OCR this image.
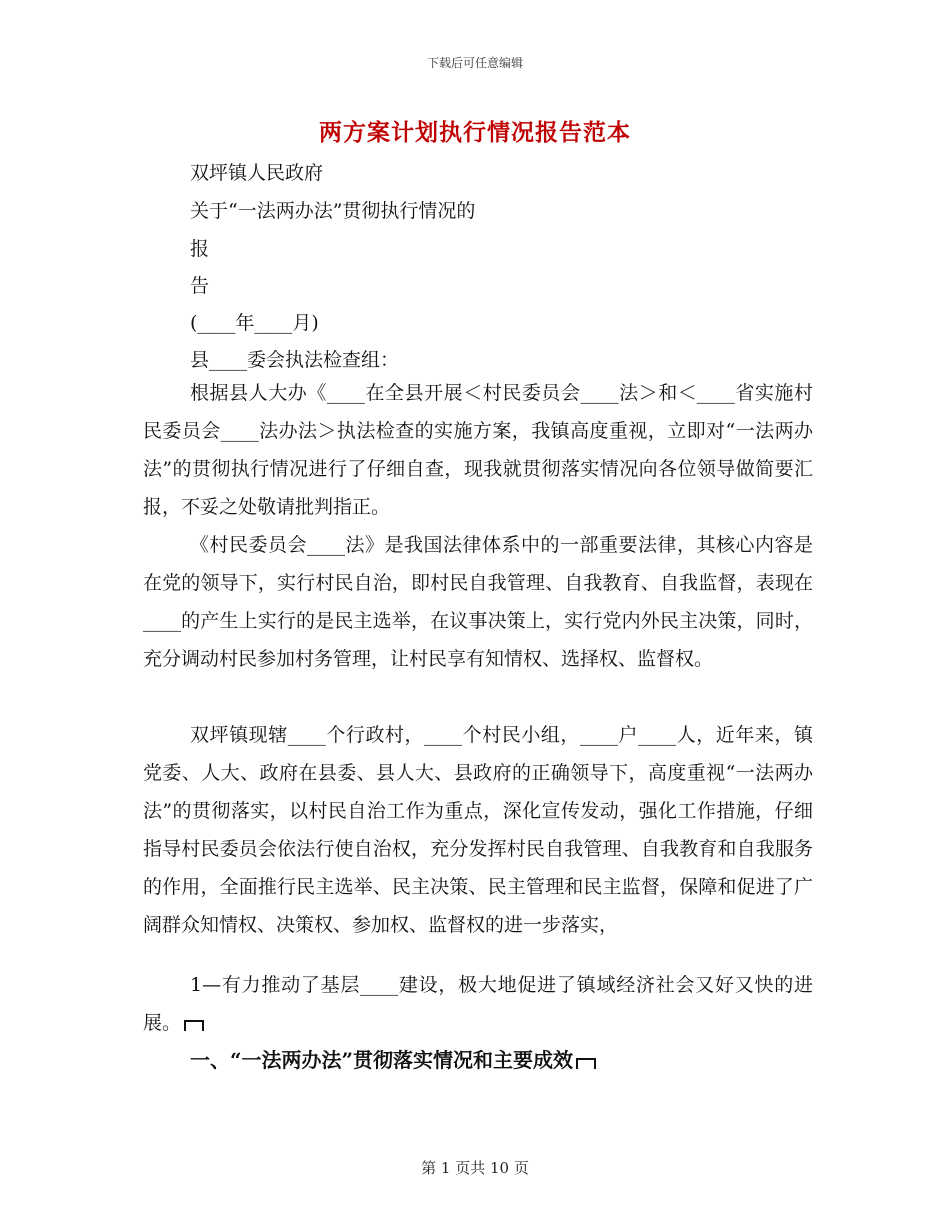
下载后可任意编辑
两方案计划执行情况报告范本
双坪镇人民政府
关于“一法两办法”贯彻执行情况的
报
告
(____年____月)
县____委会执法检查组：

根据县人大办《____在全县开展＜村民委员会____法＞和＜____省实施村民委员会____法办法＞执法检查的实施方案，我镇高度重视，立即对“一法两办法”的贯彻执行情况进行了仔细自查，现我就贯彻落实情况向各位领导做简要汇报，不妥之处敬请批判指正。

《村民委员会____法》是我国法律体系中的一部重要法律，其核心内容是在党的领导下，实行村民自治，即村民自我管理、自我教育、自我监督，表现在____的产生上实行的是民主选举，在议事决策上，实行党内外民主决策，同时，充分调动村民参加村务管理，让村民享有知情权、选择权、监督权。

双坪镇现辖____个行政村，____个村民小组，____户____人，近年来，镇党委、人大、政府在县委、县人大、县政府的正确领导下，高度重视“一法两办法”的贯彻落实，以村民自治工作为重点，深化宣传发动，强化工作措施，仔细指导村民委员会依法行使自治权，充分发挥村民自我管理、自我教育和自我服务的作用，全面推行民主选举、民主决策、民主管理和民主监督，保障和促进了广阔群众知情权、决策权、参加权、监督权的进一步落实，

1—有力推动了基层____建设，极大地促进了镇域经济社会又好又快的进展。

一、“一法两办法”贯彻落实情况和主要成效
第 1 页共 10 页
